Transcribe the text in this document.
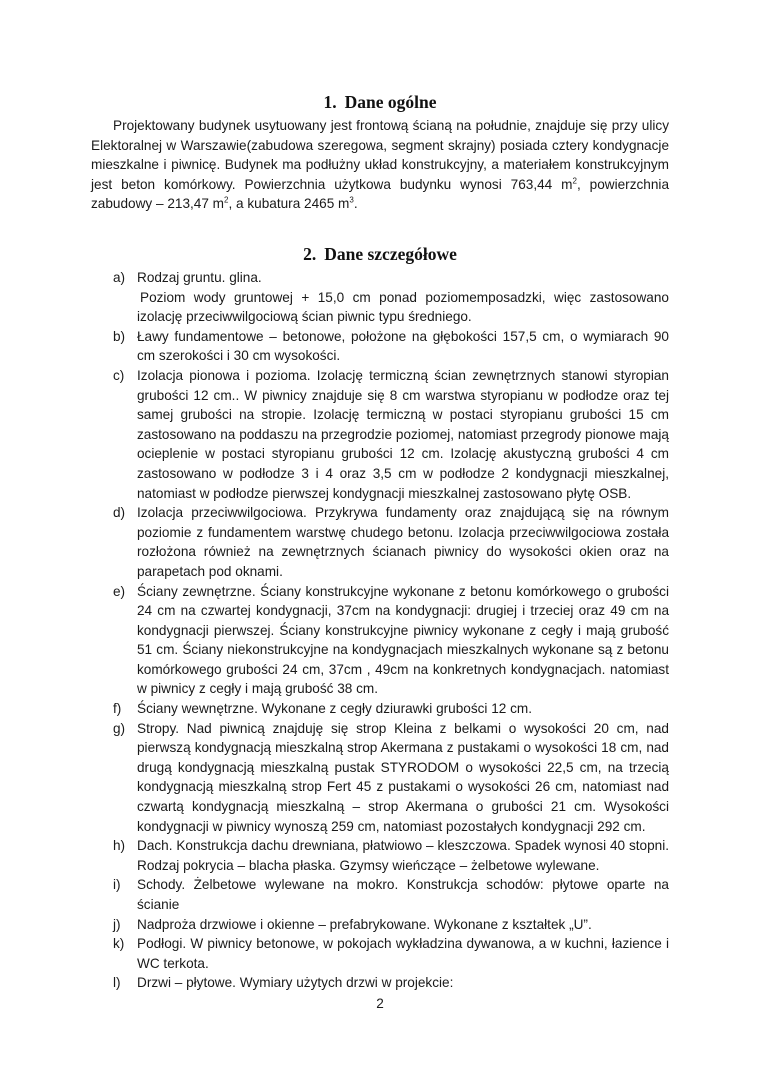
1. Dane ogólne

Projektowany budynek usytuowany jest frontową ścianą na południe, znajduje się przy ulicy Elektoralnej w Warszawie(zabudowa szeregowa, segment skrajny) posiada cztery kondygnacje mieszkalne i piwnicę. Budynek ma podłużny układ konstrukcyjny, a materiałem konstrukcyjnym jest beton komórkowy. Powierzchnia użytkowa budynku wynosi 763,44 $m^2$, powierzchnia zabudowy – 213,47 $m^2$, a kubatura 2465 $m^3$.

2. Dane szczegółowe
a) Rodzaj gruntu. glina.
Poziom wody gruntowej + 15,0 cm ponad poziomemposadzki, więc zastosowano izolację przeciwwilgociową ścian piwnic typu średniego.
b) Ławy fundamentowe – betonowe, położone na głębokości 157,5 cm, o wymiarach 90 cm szerokości i 30 cm wysokości.
c) Izolacja pionowa i pozioma. Izolację termiczną ścian zewnętrznych stanowi styropian grubości 12 cm.. W piwnicy znajduje się 8 cm warstwa styropianu w podłodze oraz tej samej grubości na stropie. Izolację termiczną w postaci styropianu grubości 15 cm zastosowano na poddaszu na przegrodzie poziomej, natomiast przegrody pionowe mają ocieplenie w postaci styropianu grubości 12 cm. Izolację akustyczną grubości 4 cm zastosowano w podłodze 3 i 4 oraz 3,5 cm w podłodze 2 kondygnacji mieszkalnej, natomiast w podłodze pierwszej kondygnacji mieszkalnej zastosowano płytę OSB.
d) Izolacja przeciwwilgociowa. Przykrywa fundamenty oraz znajdującą się na równym poziomie z fundamentem warstwę chudego betonu. Izolacja przeciwwilgociowa została rozłożona również na zewnętrznych ścianach piwnicy do wysokości okien oraz na parapetach pod oknami.
e) Ściany zewnętrzne. Ściany konstrukcyjne wykonane z betonu komórkowego o grubości 24 cm na czwartej kondygnacji, 37cm na kondygnacji: drugiej i trzeciej oraz 49 cm na kondygnacji pierwszej. Ściany konstrukcyjne piwnicy wykonane z cegły i mają grubość 51 cm. Ściany niekonstrukcyjne na kondygnacjach mieszkalnych wykonane są z betonu komórkowego grubości 24 cm, 37cm , 49cm na konkretnych kondygnacjach. natomiast w piwnicy z cegły i mają grubość 38 cm.
f) Ściany wewnętrzne. Wykonane z cegły dziurawki grubości 12 cm.
g) Stropy. Nad piwnicą znajduję się strop Kleina z belkami o wysokości 20 cm, nad pierwszą kondygnacją mieszkalną strop Akermana z pustakami o wysokości 18 cm, nad drugą kondygnacją mieszkalną pustak STYRODOM o wysokości 22,5 cm, na trzecią kondygnacją mieszkalną strop Fert 45 z pustakami o wysokości 26 cm, natomiast nad czwartą kondygnacją mieszkalną – strop Akermana o grubości 21 cm. Wysokości kondygnacji w piwnicy wynoszą 259 cm, natomiast pozostałych kondygnacji 292 cm.
h) Dach. Konstrukcja dachu drewniana, płatwiowo – kleszczowa. Spadek wynosi 40 stopni. Rodzaj pokrycia – blacha płaska. Gzymsy wieńczące – żelbetowe wylewane.
i) Schody. Żelbetowe wylewane na mokro. Konstrukcja schodów: płytowe oparte na ścianie
j) Nadproża drzwiowe i okienne – prefabrykowane. Wykonane z kształtek „U”.
k) Podłogi. W piwnicy betonowe, w pokojach wykładzina dywanowa, a w kuchni, łazience i WC terkota.
l) Drzwi – płytowe. Wymiary użytych drzwi w projekcie:
2
